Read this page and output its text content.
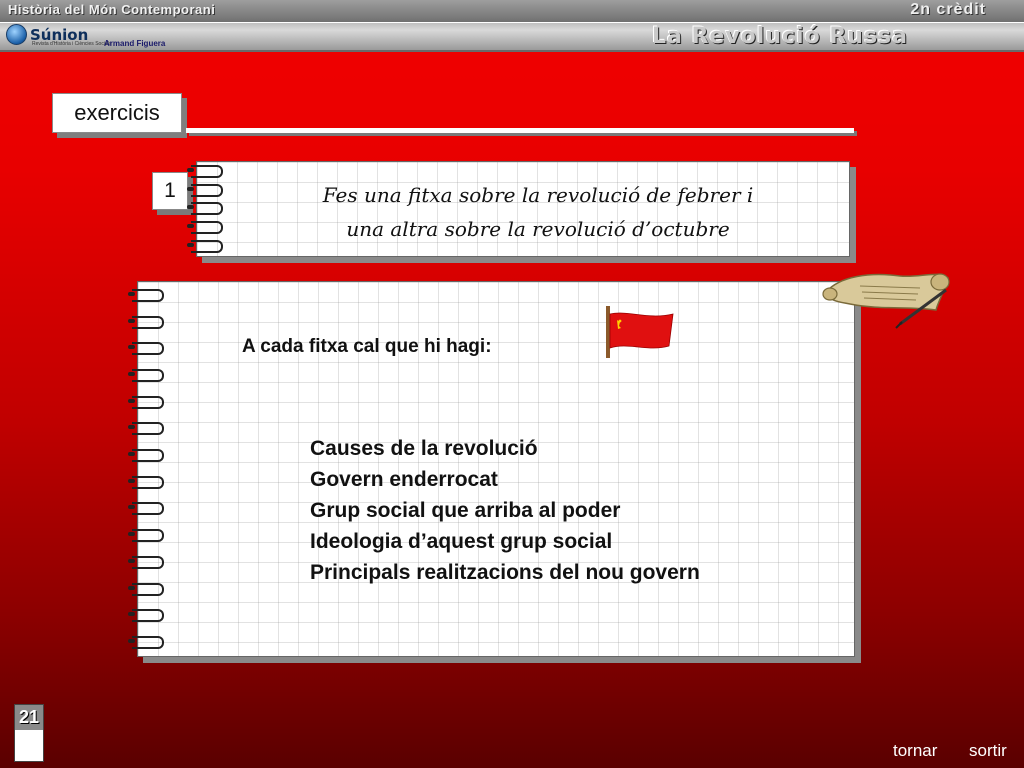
Història del Món Contemporani	2n crèdit
Súnion
Revista d'Història i Ciències Socials
Armand Figuera	La Revolució Russa
exercicis
1	Fes una fitxa sobre la revolució de febrer i
una altra sobre la revolució d’octubre
A cada fitxa cal que hi hagi:
Causes de la revolució
Govern enderrocat
Grup social que arriba al poder
Ideologia d’aquest grup social
Principals realitzacions del nou govern
21
tornar sortir
